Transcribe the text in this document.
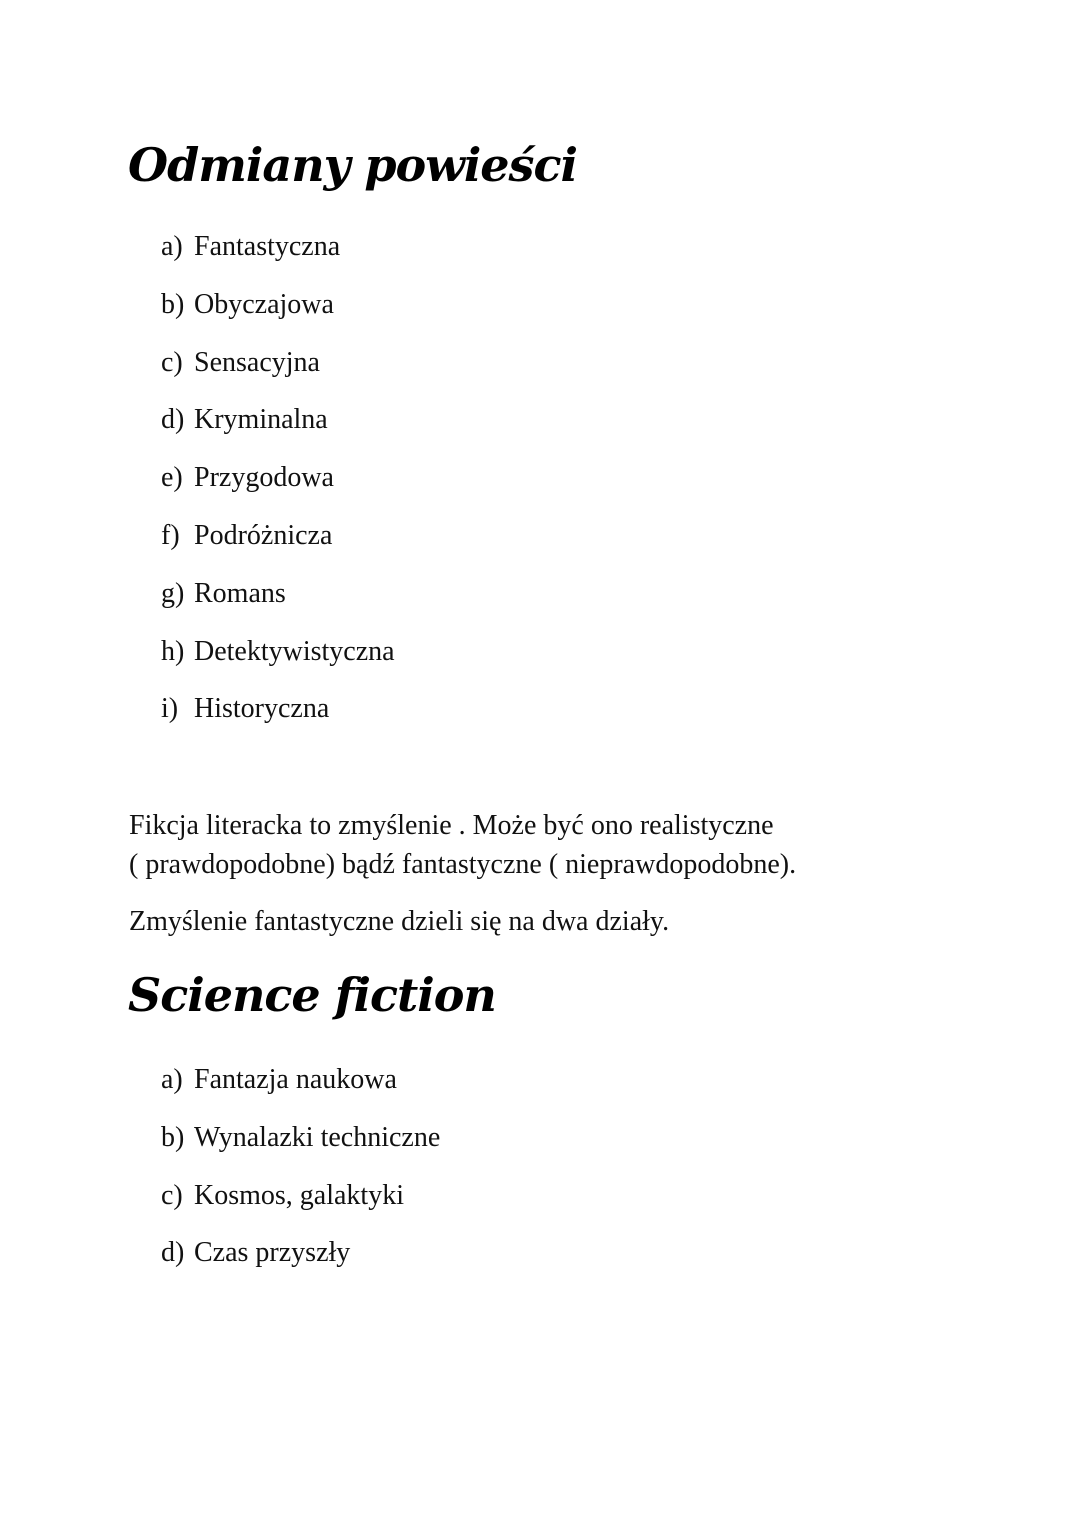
Odmiany powieści
a) Fantastyczna
b) Obyczajowa
c) Sensacyjna
d) Kryminalna
e) Przygodowa
f) Podróżnicza
g) Romans
h) Detektywistyczna
i) Historyczna

Fikcja literacka to zmyślenie . Może być ono realistyczne
( prawdopodobne) bądź fantastyczne ( nieprawdopodobne).

Zmyślenie fantastyczne dzieli się na dwa działy.

Science fiction
a) Fantazja naukowa
b) Wynalazki techniczne
c) Kosmos, galaktyki
d) Czas przyszły
